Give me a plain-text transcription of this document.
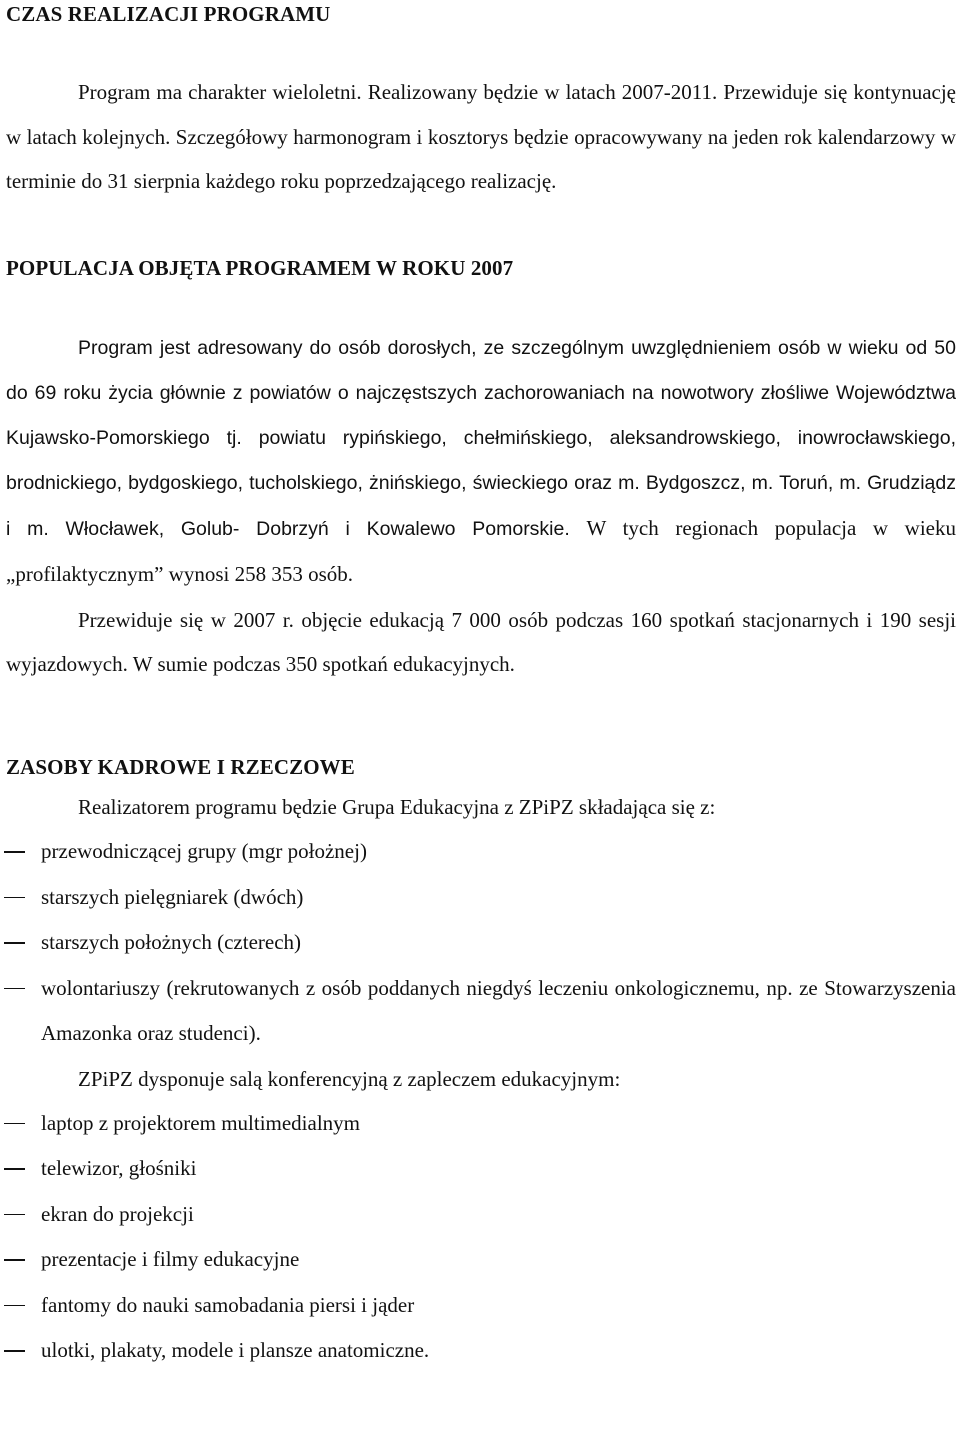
CZAS REALIZACJI PROGRAMU

Program ma charakter wieloletni. Realizowany będzie w latach 2007-2011. Przewiduje się kontynuację w latach kolejnych. Szczegółowy harmonogram i kosztorys będzie opracowywany na jeden rok kalendarzowy w terminie do 31 sierpnia każdego roku poprzedzającego realizację.

POPULACJA OBJĘTA PROGRAMEM W ROKU 2007

Program jest adresowany do osób dorosłych, ze szczególnym uwzględnieniem osób w wieku od 50 do 69 roku życia głównie z powiatów o najczęstszych zachorowaniach na nowotwory złośliwe Województwa Kujawsko-Pomorskiego tj. powiatu rypińskiego, chełmińskiego, aleksandrowskiego, inowrocławskiego, brodnickiego, bydgoskiego, tucholskiego, żnińskiego, świeckiego oraz m. Bydgoszcz, m. Toruń, m. Grudziądz i m. Włocławek, Golub- Dobrzyń i Kowalewo Pomorskie. W tych regionach populacja w wieku „profilaktycznym” wynosi 258 353 osób.

Przewiduje się w 2007 r. objęcie edukacją 7 000 osób podczas 160 spotkań stacjonarnych i 190 sesji wyjazdowych. W sumie podczas 350 spotkań edukacyjnych.

ZASOBY KADROWE I RZECZOWE

Realizatorem programu będzie Grupa Edukacyjna z ZPiPZ składająca się z:

przewodniczącej grupy (mgr położnej)
starszych pielęgniarek (dwóch)
starszych położnych (czterech)
wolontariuszy (rekrutowanych z osób poddanych niegdyś leczeniu onkologicznemu, np. ze Stowarzyszenia Amazonka oraz studenci).

ZPiPZ dysponuje salą konferencyjną z zapleczem edukacyjnym:

laptop z projektorem multimedialnym
telewizor, głośniki
ekran do projekcji
prezentacje i filmy edukacyjne
fantomy do nauki samobadania piersi i jąder
ulotki, plakaty, modele i plansze anatomiczne.
